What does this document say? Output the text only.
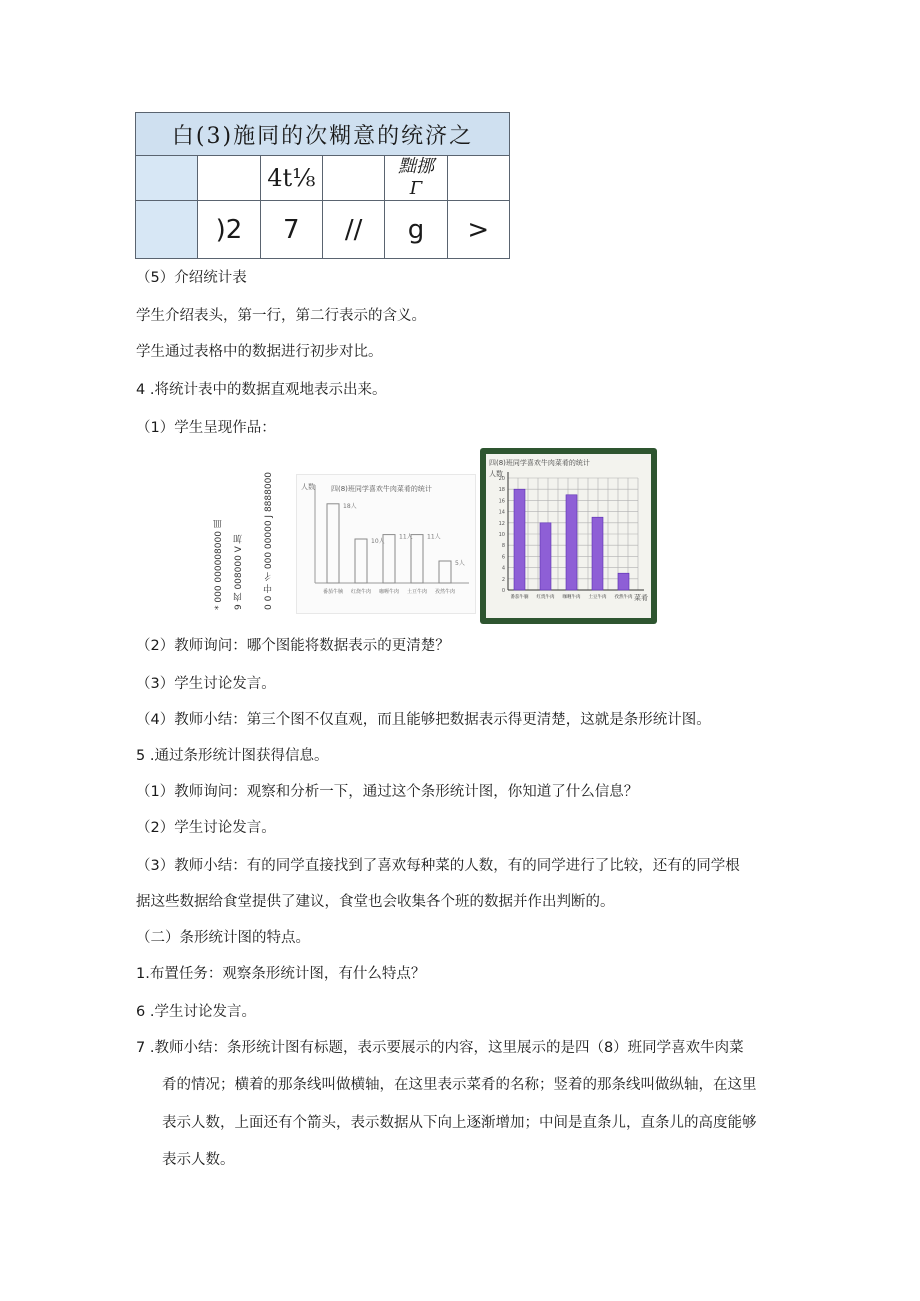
白(3)施同的次糊意的统济之					
		4t⅛		黜挪
Γ	

	)2	7	//	g	>
（5）介绍统计表
学生介绍表头，第一行，第二行表示的含义。
学生通过表格中的数据进行初步对比。
4 .将统计表中的数据直观地表示出来。
（1）学生呈现作品：
* 000 000008000 皿
9 肉 008000 V 加 0 0 中 彳 000 00000 J 8888000	人数 四(8)班同学喜欢牛肉菜肴的统计
18人
番茄牛腩
10人
红烧牛肉
11人
咖喱牛肉
11人
土豆牛肉
5人
孜然牛肉
四(8)班同学喜欢牛肉菜肴的统计
人数
0
2
4
6
8
10
12
14
16
18
20
番茄牛腩 红烧牛肉 咖喱牛肉 土豆牛肉 孜然牛肉 菜肴
（2）教师询问：哪个图能将数据表示的更清楚？
（3）学生讨论发言。
（4）教师小结：第三个图不仅直观，而且能够把数据表示得更清楚，这就是条形统计图。
5 .通过条形统计图获得信息。
（1）教师询问：观察和分析一下，通过这个条形统计图，你知道了什么信息？
（2）学生讨论发言。
（3）教师小结：有的同学直接找到了喜欢每种菜的人数，有的同学进行了比较，还有的同学根
据这些数据给食堂提供了建议，食堂也会收集各个班的数据并作出判断的。
（二）条形统计图的特点。
1.布置任务：观察条形统计图，有什么特点？
6 .学生讨论发言。
7 .教师小结：条形统计图有标题，表示要展示的内容，这里展示的是四（8）班同学喜欢牛肉菜
肴的情况；横着的那条线叫做横轴，在这里表示菜肴的名称；竖着的那条线叫做纵轴，在这里
表示人数，上面还有个箭头，表示数据从下向上逐渐增加；中间是直条儿，直条儿的高度能够
表示人数。
